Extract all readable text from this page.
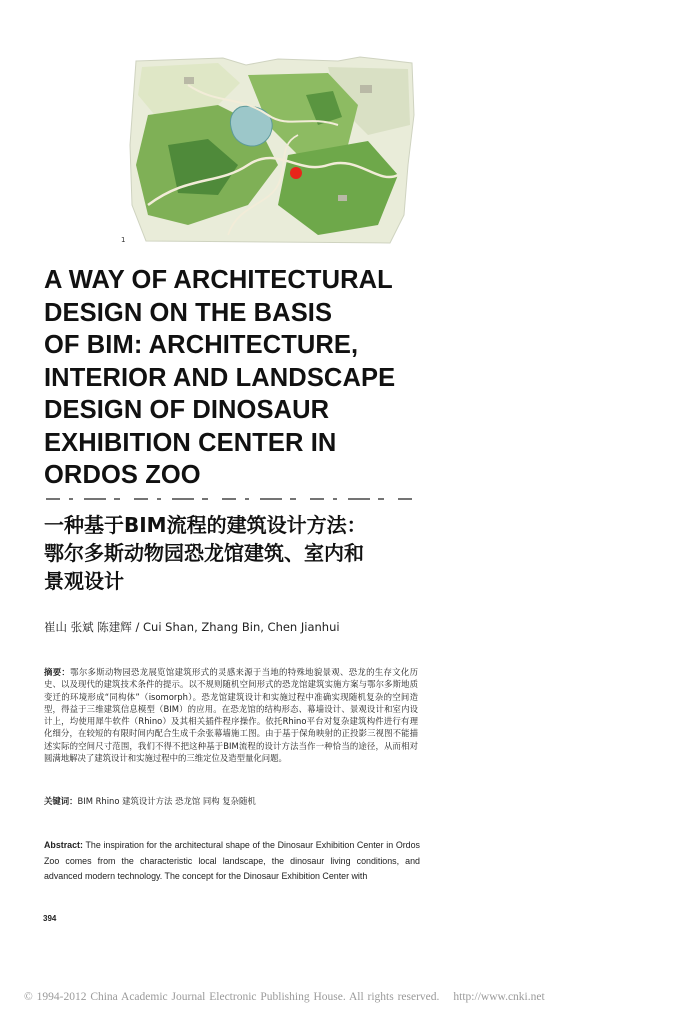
1
A WAY OF ARCHITECTURAL
DESIGN ON THE BASIS
OF BIM: ARCHITECTURE,
INTERIOR AND LANDSCAPE
DESIGN OF DINOSAUR
EXHIBITION CENTER IN
ORDOS ZOO
一种基于BIM流程的建筑设计方法：
鄂尔多斯动物园恐龙馆建筑、室内和
景观设计
崔山 张斌 陈建辉 / Cui Shan, Zhang Bin, Chen Jianhui
摘要：鄂尔多斯动物园恐龙展览馆建筑形式的灵感来源于当地的特殊地貌景观、恐龙的生存文化历史、以及现代的建筑技术条件的提示。以不规则随机空间形式的恐龙馆建筑实施方案与鄂尔多斯地质变迁的环境形成“同构体”（isomorph）。恐龙馆建筑设计和实施过程中准确实现随机复杂的空间造型，得益于三维建筑信息模型（BIM）的应用。在恐龙馆的结构形态、幕墙设计、景观设计和室内设计上，均使用犀牛软件（Rhino）及其相关插件程序操作。依托Rhino平台对复杂建筑构件进行有理化细分，在较短的有限时间内配合生成千余张幕墙施工图。由于基于保角映射的正投影三视图不能描述实际的空间尺寸范围，我们不得不把这种基于BIM流程的设计方法当作一种恰当的途径，从而相对圆满地解决了建筑设计和实施过程中的三维定位及造型量化问题。
关键词：BIM Rhino 建筑设计方法 恐龙馆 同构 复杂随机
Abstract: The inspiration for the architectural shape of the Dinosaur Exhibition Center in Ordos Zoo comes from the characteristic local landscape, the dinosaur living conditions, and advanced modern technology. The concept for the Dinosaur Exhibition Center with
394
© 1994-2012 China Academic Journal Electronic Publishing House. All rights reserved. http://www.cnki.net
